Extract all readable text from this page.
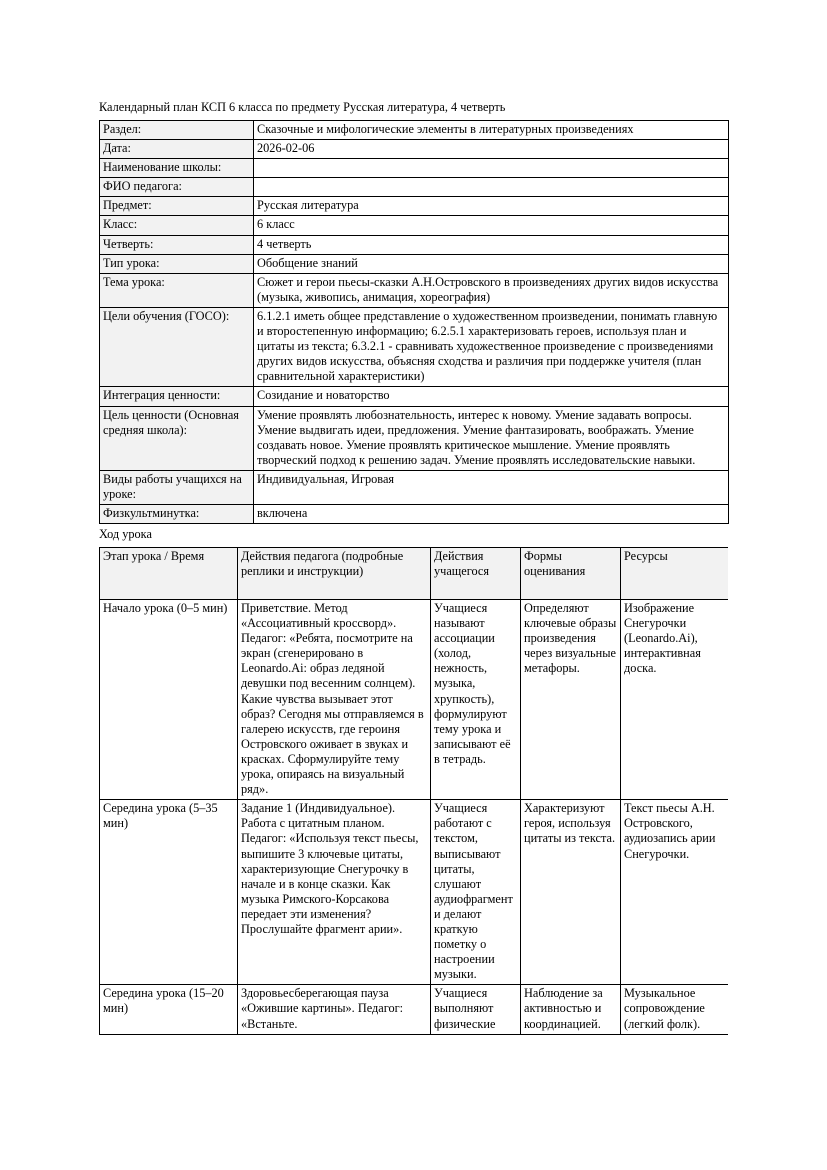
Календарный план КСП 6 класса по предмету Русская литература, 4 четверть

Раздел:	Сказочные и мифологические элементы в литературных произведениях
Дата:	2026-02-06
Наименование школы:	
ФИО педагога:	
Предмет:	Русская литература
Класс:	6 класс
Четверть:	4 четверть
Тип урока:	Обобщение знаний
Тема урока:	Сюжет и герои пьесы-сказки А.Н.Островского в произведениях других видов искусства (музыка, живопись, анимация, хореография)
Цели обучения (ГОСО):	6.1.2.1 иметь общее представление о художественном произведении, понимать главную и второстепенную информацию; 6.2.5.1 характеризовать героев, используя план и цитаты из текста; 6.3.2.1 - сравнивать художественное произведение с произведениями других видов искусства, объясняя сходства и различия при поддержке учителя (план сравнительной характеристики)
Интеграция ценности:	Созидание и новаторство
Цель ценности (Основная средняя школа):	Умение проявлять любознательность, интерес к новому. Умение задавать вопросы. Умение выдвигать идеи, предложения. Умение фантазировать, воображать. Умение создавать новое. Умение проявлять критическое мышление. Умение проявлять творческий подход к решению задач. Умение проявлять исследовательские навыки.
Виды работы учащихся на уроке:	Индивидуальная, Игровая
Физкультминутка:	включена

Ход урока

Этап урока / Время	Действия педагога (подробные реплики и инструкции)	Действия учащегося	Формы оценивания	Ресурсы
Начало урока (0–5 мин)	Приветствие. Метод «Ассоциативный кроссворд». Педагог: «Ребята, посмотрите на экран (сгенерировано в Leonardo.Ai: образ ледяной девушки под весенним солнцем). Какие чувства вызывает этот образ? Сегодня мы отправляемся в галерею искусств, где героиня Островского оживает в звуках и красках. Сформулируйте тему урока, опираясь на визуальный ряд».	Учащиеся называют ассоциации (холод, нежность, музыка, хрупкость), формулируют тему урока и записывают её в тетрадь.	Определяют ключевые образы произведения через визуальные метафоры.	Изображение Снегурочки (Leonardo.Ai), интерактивная доска.
Середина урока (5–35 мин)	Задание 1 (Индивидуальное). Работа с цитатным планом. Педагог: «Используя текст пьесы, выпишите 3 ключевые цитаты, характеризующие Снегурочку в начале и в конце сказки. Как музыка Римского-Корсакова передает эти изменения? Прослушайте фрагмент арии».	Учащиеся работают с текстом, выписывают цитаты, слушают аудиофрагмент и делают краткую пометку о настроении музыки.	Характеризуют героя, используя цитаты из текста.	Текст пьесы А.Н. Островского, аудиозапись арии Снегурочки.
Середина урока (15–20 мин)	Здоровьесберегающая пауза «Ожившие картины». Педагог: «Встаньте.	Учащиеся выполняют физические	Наблюдение за активностью и координацией.	Музыкальное сопровождение (легкий фолк).
